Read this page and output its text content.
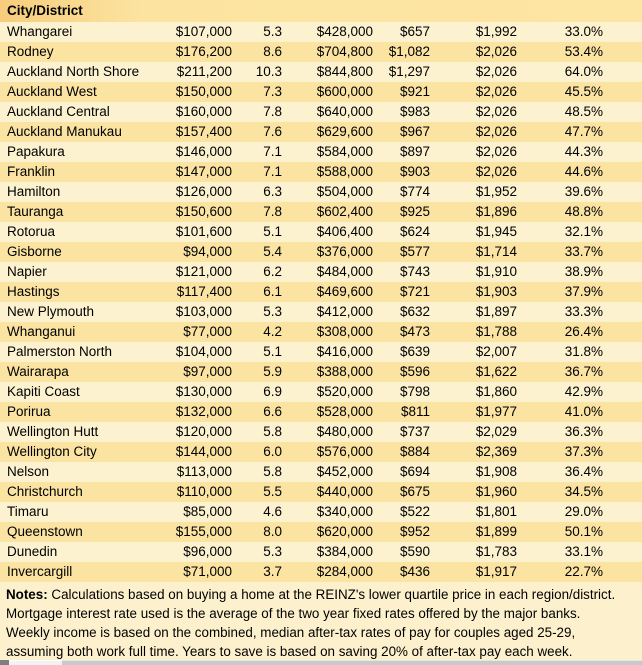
City/District							
Whangarei	$107,000	5.3	$428,000	$657	$1,992	33.0%	
Rodney	$176,200	8.6	$704,800	$1,082	$2,026	53.4%	
Auckland North Shore	$211,200	10.3	$844,800	$1,297	$2,026	64.0%	
Auckland West	$150,000	7.3	$600,000	$921	$2,026	45.5%	
Auckland Central	$160,000	7.8	$640,000	$983	$2,026	48.5%	
Auckland Manukau	$157,400	7.6	$629,600	$967	$2,026	47.7%	
Papakura	$146,000	7.1	$584,000	$897	$2,026	44.3%	
Franklin	$147,000	7.1	$588,000	$903	$2,026	44.6%	
Hamilton	$126,000	6.3	$504,000	$774	$1,952	39.6%	
Tauranga	$150,600	7.8	$602,400	$925	$1,896	48.8%	
Rotorua	$101,600	5.1	$406,400	$624	$1,945	32.1%	
Gisborne	$94,000	5.4	$376,000	$577	$1,714	33.7%	
Napier	$121,000	6.2	$484,000	$743	$1,910	38.9%	
Hastings	$117,400	6.1	$469,600	$721	$1,903	37.9%	
New Plymouth	$103,000	5.3	$412,000	$632	$1,897	33.3%	
Whanganui	$77,000	4.2	$308,000	$473	$1,788	26.4%	
Palmerston North	$104,000	5.1	$416,000	$639	$2,007	31.8%	
Wairarapa	$97,000	5.9	$388,000	$596	$1,622	36.7%	
Kapiti Coast	$130,000	6.9	$520,000	$798	$1,860	42.9%	
Porirua	$132,000	6.6	$528,000	$811	$1,977	41.0%	
Wellington Hutt	$120,000	5.8	$480,000	$737	$2,029	36.3%	
Wellington City	$144,000	6.0	$576,000	$884	$2,369	37.3%	
Nelson	$113,000	5.8	$452,000	$694	$1,908	36.4%	
Christchurch	$110,000	5.5	$440,000	$675	$1,960	34.5%	
Timaru	$85,000	4.6	$340,000	$522	$1,801	29.0%	
Queenstown	$155,000	8.0	$620,000	$952	$1,899	50.1%	
Dunedin	$96,000	5.3	$384,000	$590	$1,783	33.1%	
Invercargill	$71,000	3.7	$284,000	$436	$1,917	22.7%	
Notes: Calculations based on buying a home at the REINZ's lower quartile price in each region/district.
Mortgage interest rate used is the average of the two year fixed rates offered by the major banks.
Weekly income is based on the combined, median after-tax rates of pay for couples aged 25-29,
assuming both work full time. Years to save is based on saving 20% of after-tax pay each week.
